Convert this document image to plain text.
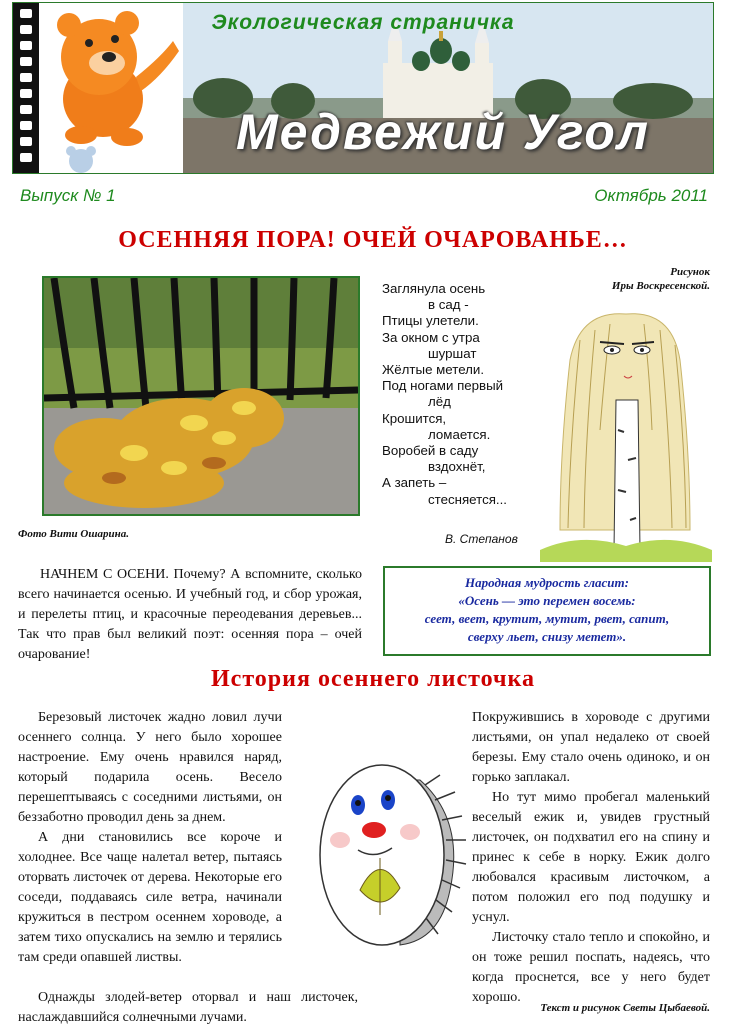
Экологическая страничка
Медвежий Угол
Выпуск № 1	Октябрь 2011
ОСЕННЯЯ ПОРА! ОЧЕЙ ОЧАРОВАНЬЕ…
Фото Вити Ошарина.
Заглянула осень
в сад -
Птицы улетели.
За окном с утра
шуршат
Жёлтые метели.
Под ногами первый
лёд
Крошится,
ломается.
Воробей в саду
вздохнёт,
А запеть –
стесняется...
В. Степанов
Рисунок
Иры Воскресенской.
НАЧНЕМ С ОСЕНИ. Почему? А вспомните, сколько всего начинается осенью. И учебный год, и сбор урожая, и перелеты птиц, и красочные переодевания деревьев... Так что прав был великий поэт: осенняя пора – очей очарование!
Народная мудрость гласит:
«Осень — это перемен восемь:
сеет, веет, крутит, мутит, рвет, сапит,
сверху льет, снизу метет».
История осеннего листочка

Березовый листочек жадно ловил лучи осеннего солнца. У него было хорошее настроение. Ему очень нравился наряд, который подарила осень. Весело перешептываясь с соседними листьями, он беззаботно проводил день за днем.

А дни становились все короче и холоднее. Все чаще налетал ветер, пытаясь оторвать листочек от дерева. Некоторые его соседи, поддаваясь силе ветра, начинали кружиться в пестром осеннем хороводе, а затем тихо опускались на землю и терялись там среди опавшей листвы.

Однажды злодей-ветер оторвал и наш листочек, наслаждавшийся солнечными лучами.

Покружившись в хороводе с другими листьями, он упал недалеко от своей березы. Ему стало очень одиноко, и он горько заплакал.

Но тут мимо пробегал маленький веселый ежик и, увидев грустный листочек, он подхватил его на спину и принес к себе в норку. Ежик долго любовался красивым листочком, а потом положил его под подушку и уснул.

Листочку стало тепло и спокойно, и он тоже решил поспать, надеясь, что когда проснется, все у него будет хорошо.

Текст и рисунок Светы Цыбаевой.
